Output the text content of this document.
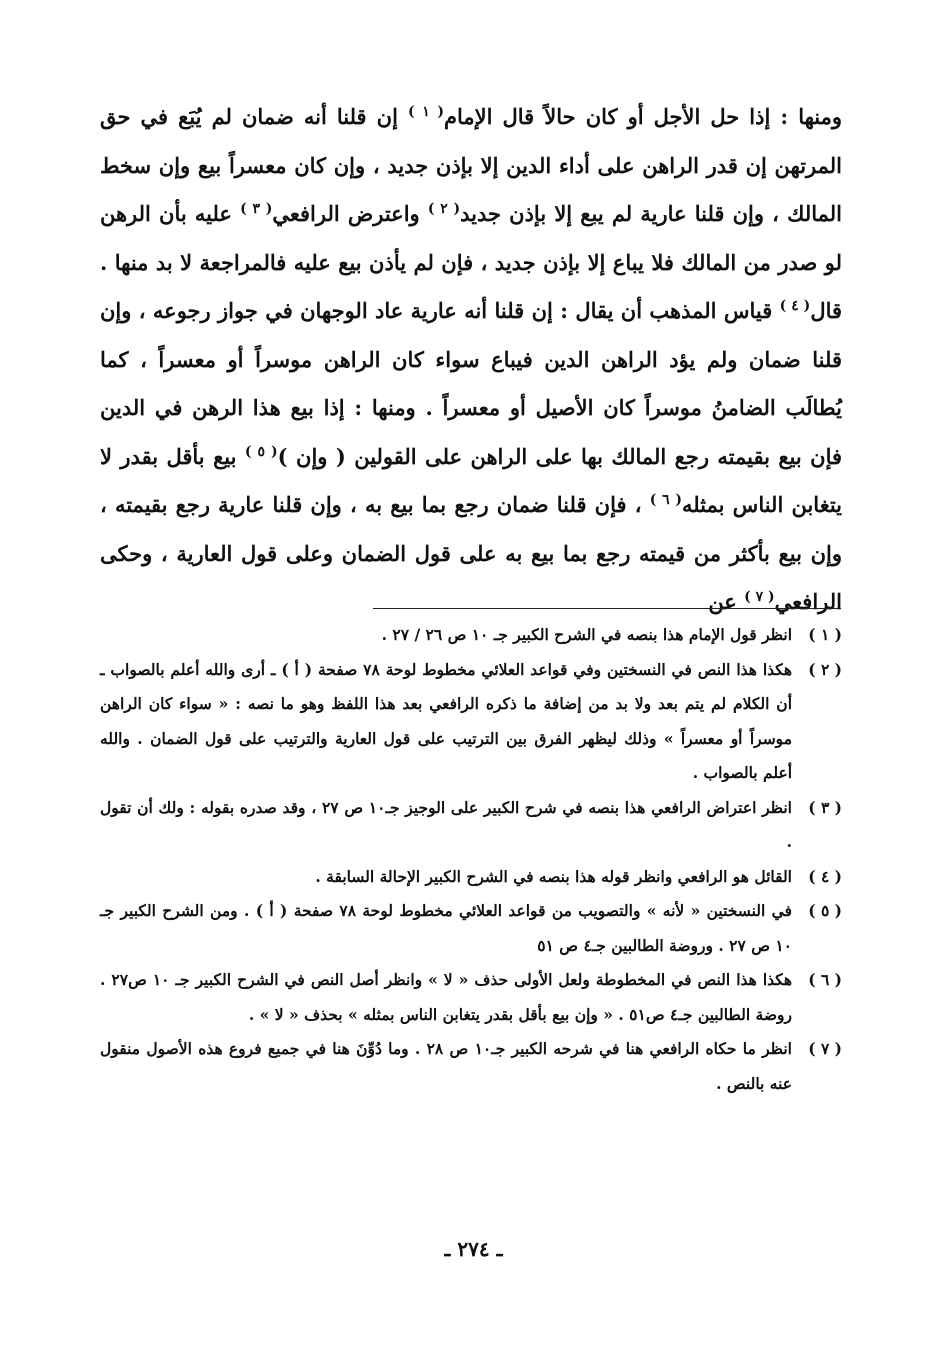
ومنها : إذا حل الأجل أو كان حالاً قال الإمام$^{( ١ )}$ إن قلنا أنه ضمان لم يُبَع في حق المرتهن إن قدر الراهن على أداء الدين إلا بإذن جديد ، وإن كان معسراً بيع وإن سخط المالك ، وإن قلنا عارية لم يبع إلا بإذن جديد$^{( ٢ )}$ واعترض الرافعي$^{( ٣ )}$ عليه بأن الرهن لو صدر من المالك فلا يباع إلا بإذن جديد ، فإن لم يأذن بيع عليه فالمراجعة لا بد منها . قال$^{( ٤ )}$ قياس المذهب أن يقال : إن قلنا أنه عارية عاد الوجهان في جواز رجوعه ، وإن قلنا ضمان ولم يؤد الراهن الدين فيباع سواء كان الراهن موسراً أو معسراً ، كما يُطالَب الضامنُ موسراً كان الأصيل أو معسراً . ومنها : إذا بيع هذا الرهن في الدين فإن بيع بقيمته رجع المالك بها على الراهن على القولين ( وإن )$^{( ٥ )}$ بيع بأقل بقدر لا يتغابن الناس بمثله$^{( ٦ )}$ ، فإن قلنا ضمان رجع بما بيع به ، وإن قلنا عارية رجع بقيمته ، وإن بيع بأكثر من قيمته رجع بما بيع به على قول الضمان وعلى قول العارية ، وحكى الرافعي$^{( ٧ )}$ عن

( ١ )
انظر قول الإمام هذا بنصه في الشرح الكبير جـ ١٠ ص ٢٦ / ٢٧ .
( ٢ )
هكذا هذا النص في النسختين وفي قواعد العلائي مخطوط لوحة ٧٨ صفحة ( أ ) ـ أرى والله أعلم بالصواب ـ أن الكلام لم يتم بعد ولا بد من إضافة ما ذكره الرافعي بعد هذا اللفظ وهو ما نصه : « سواء كان الراهن موسراً أو معسراً » وذلك ليظهر الفرق بين الترتيب على قول العارية والترتيب على قول الضمان . والله أعلم بالصواب .
( ٣ )
انظر اعتراض الرافعي هذا بنصه في شرح الكبير على الوجيز جـ١٠ ص ٢٧ ، وقد صدره بقوله : ولك أن تقول .
( ٤ )
القائل هو الرافعي وانظر قوله هذا بنصه في الشرح الكبير الإحالة السابقة .
( ٥ )
في النسختين « لأنه » والتصويب من قواعد العلائي مخطوط لوحة ٧٨ صفحة ( أ ) . ومن الشرح الكبير جـ ١٠ ص ٢٧ . وروضة الطالبين جـ٤ ص ٥١
( ٦ )
هكذا هذا النص في المخطوطة ولعل الأولى حذف « لا » وانظر أصل النص في الشرح الكبير جـ ١٠ ص٢٧ . روضة الطالبين جـ٤ ص٥١ . « وإن بيع بأقل بقدر يتغابن الناس بمثله » بحذف « لا » .
( ٧ )
انظر ما حكاه الرافعي هنا في شرحه الكبير جـ١٠ ص ٢٨ . وما دُوِّنَ هنا في جميع فروع هذه الأصول منقول عنه بالنص .
ـ ٢٧٤ ـ
